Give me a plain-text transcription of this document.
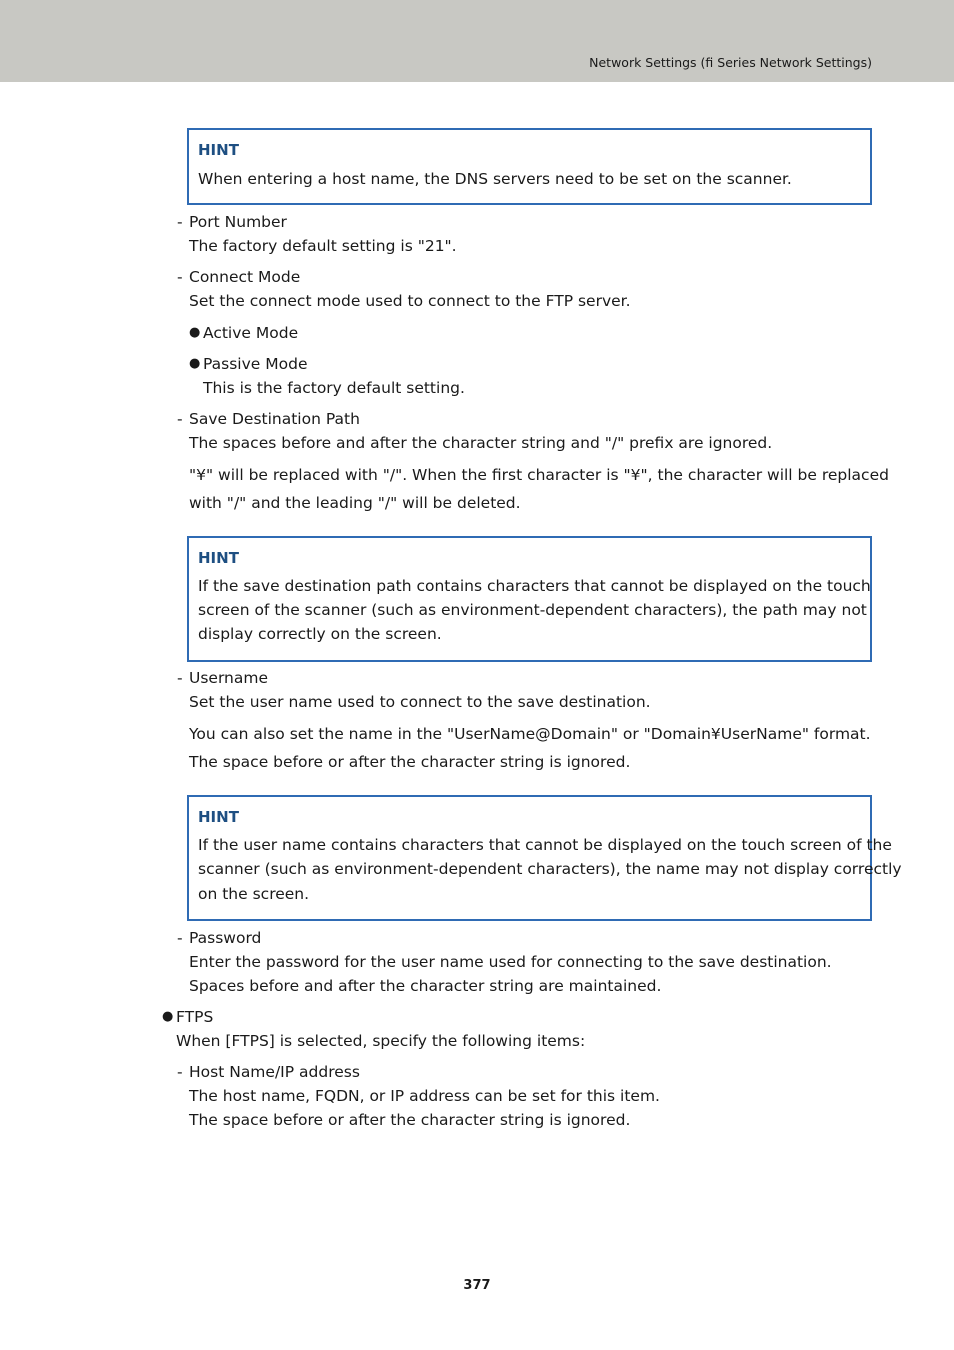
Network Settings (fi Series Network Settings)
HINT
When entering a host name, the DNS servers need to be set on the scanner.
- Port Number
The factory default setting is "21".
- Connect Mode
Set the connect mode used to connect to the FTP server.
● Active Mode
● Passive Mode
This is the factory default setting.
- Save Destination Path
The spaces before and after the character string and "/" prefix are ignored.
"¥" will be replaced with "/". When the first character is "¥", the character will be replaced
with "/" and the leading "/" will be deleted.
HINT
If the save destination path contains characters that cannot be displayed on the touch
screen of the scanner (such as environment-dependent characters), the path may not
display correctly on the screen.
- Username
Set the user name used to connect to the save destination.
You can also set the name in the "UserName@Domain" or "Domain¥UserName" format.
The space before or after the character string is ignored.
HINT
If the user name contains characters that cannot be displayed on the touch screen of the
scanner (such as environment-dependent characters), the name may not display correctly
on the screen.
- Password
Enter the password for the user name used for connecting to the save destination.
Spaces before and after the character string are maintained.
● FTPS
When [FTPS] is selected, specify the following items:
- Host Name/IP address
The host name, FQDN, or IP address can be set for this item.
The space before or after the character string is ignored.
377
